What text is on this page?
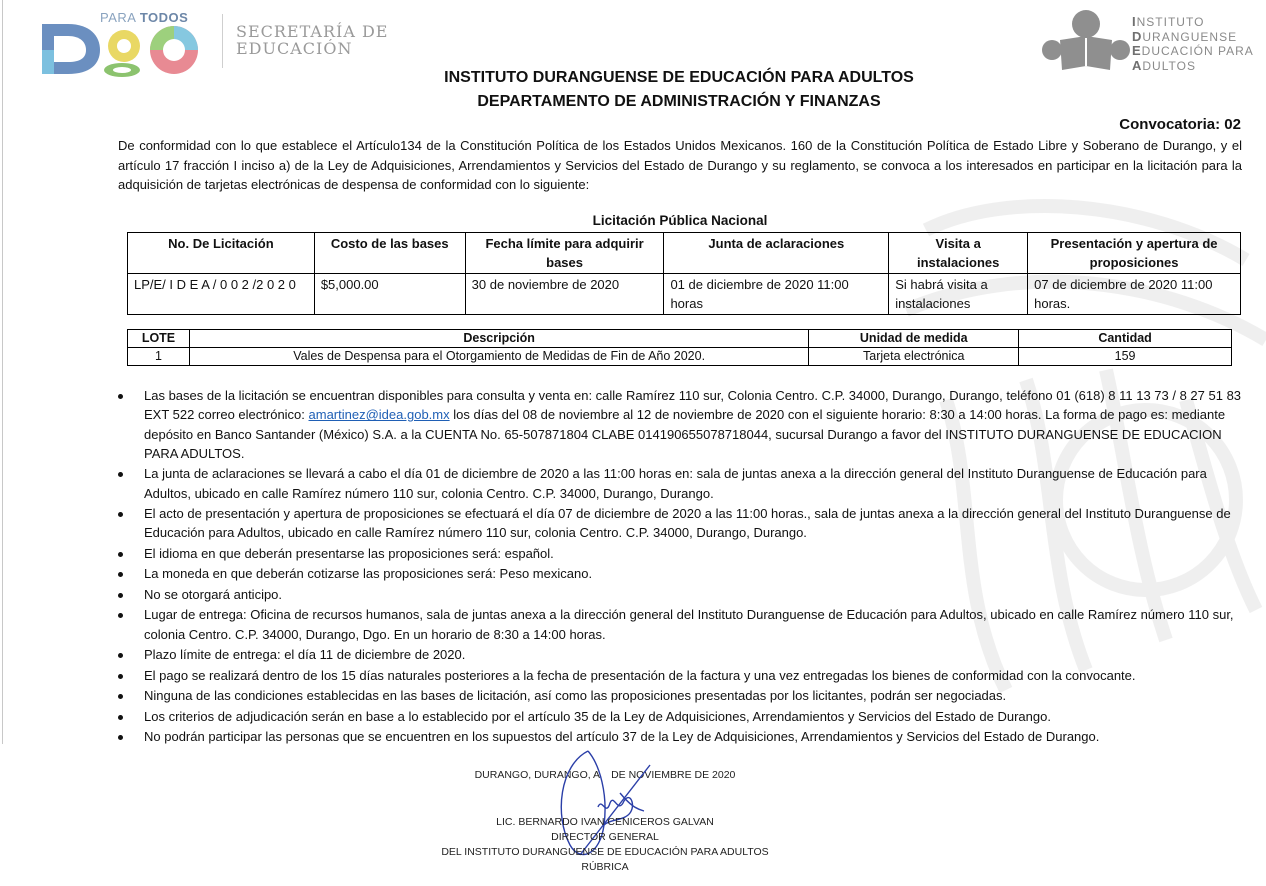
PARA TODOS
SECRETARÍA DE
EDUCACIÓN
INSTITUTO
DURANGUENSE
EDUCACIÓN PARA
ADULTOS
INSTITUTO DURANGUENSE DE EDUCACIÓN PARA ADULTOS
DEPARTAMENTO DE ADMINISTRACIÓN Y FINANZAS
Convocatoria: 02

De conformidad con lo que establece el Artículo134 de la Constitución Política de los Estados Unidos Mexicanos. 160 de la Constitución Política de Estado Libre y Soberano de Durango, y el artículo 17 fracción I inciso a) de la Ley de Adquisiciones, Arrendamientos y Servicios del Estado de Durango y su reglamento, se convoca a los interesados en participar en la licitación para la adquisición de tarjetas electrónicas de despensa de conformidad con lo siguiente:

Licitación Pública Nacional
No. De Licitación	Costo de las bases	Fecha límite para adquirir bases	Junta de aclaraciones	Visita a instalaciones	Presentación y apertura de proposiciones
LP/E/ I D E A / 0 0 2 /2 0 2 0	$5,000.00	30 de noviembre de 2020	01 de diciembre de 2020 11:00 horas	Si habrá visita a instalaciones	07 de diciembre de 2020 11:00 horas.
LOTE	Descripción	Unidad de medida	Cantidad
1	Vales de Despensa para el Otorgamiento de Medidas de Fin de Año 2020.	Tarjeta electrónica	159
Las bases de la licitación se encuentran disponibles para consulta y venta en: calle Ramírez 110 sur, Colonia Centro. C.P. 34000, Durango, Durango, teléfono 01 (618) 8 11 13 73 / 8 27 51 83 EXT 522 correo electrónico: amartinez@idea.gob.mx los días del 08 de noviembre al 12 de noviembre de 2020 con el siguiente horario: 8:30 a 14:00 horas. La forma de pago es: mediante depósito en Banco Santander (México) S.A. a la CUENTA No. 65-507871804 CLABE 014190655078718044, sucursal Durango a favor del INSTITUTO DURANGUENSE DE EDUCACION PARA ADULTOS.
La junta de aclaraciones se llevará a cabo el día 01 de diciembre de 2020 a las 11:00 horas en: sala de juntas anexa a la dirección general del Instituto Duranguense de Educación para Adultos, ubicado en calle Ramírez número 110 sur, colonia Centro. C.P. 34000, Durango, Durango.
El acto de presentación y apertura de proposiciones se efectuará el día 07 de diciembre de 2020 a las 11:00 horas., sala de juntas anexa a la dirección general del Instituto Duranguense de Educación para Adultos, ubicado en calle Ramírez número 110 sur, colonia Centro. C.P. 34000, Durango, Durango.
El idioma en que deberán presentarse las proposiciones será: español.
La moneda en que deberán cotizarse las proposiciones será: Peso mexicano.
No se otorgará anticipo.
Lugar de entrega: Oficina de recursos humanos, sala de juntas anexa a la dirección general del Instituto Duranguense de Educación para Adultos, ubicado en calle Ramírez número 110 sur, colonia Centro. C.P. 34000, Durango, Dgo. En un horario de 8:30 a 14:00 horas.
Plazo límite de entrega: el día 11 de diciembre de 2020.
El pago se realizará dentro de los 15 días naturales posteriores a la fecha de presentación de la factura y una vez entregadas los bienes de conformidad con la convocante.
Ninguna de las condiciones establecidas en las bases de licitación, así como las proposiciones presentadas por los licitantes, podrán ser negociadas.
Los criterios de adjudicación serán en base a lo establecido por el artículo 35 de la Ley de Adquisiciones, Arrendamientos y Servicios del Estado de Durango.
No podrán participar las personas que se encuentren en los supuestos del artículo 37 de la Ley de Adquisiciones, Arrendamientos y Servicios del Estado de Durango.
DURANGO, DURANGO, A    DE NOVIEMBRE DE 2020
LIC. BERNARDO IVAN CENICEROS GALVAN
DIRECTOR GENERAL
DEL INSTITUTO DURANGUENSE DE EDUCACIÓN PARA ADULTOS
RÚBRICA
